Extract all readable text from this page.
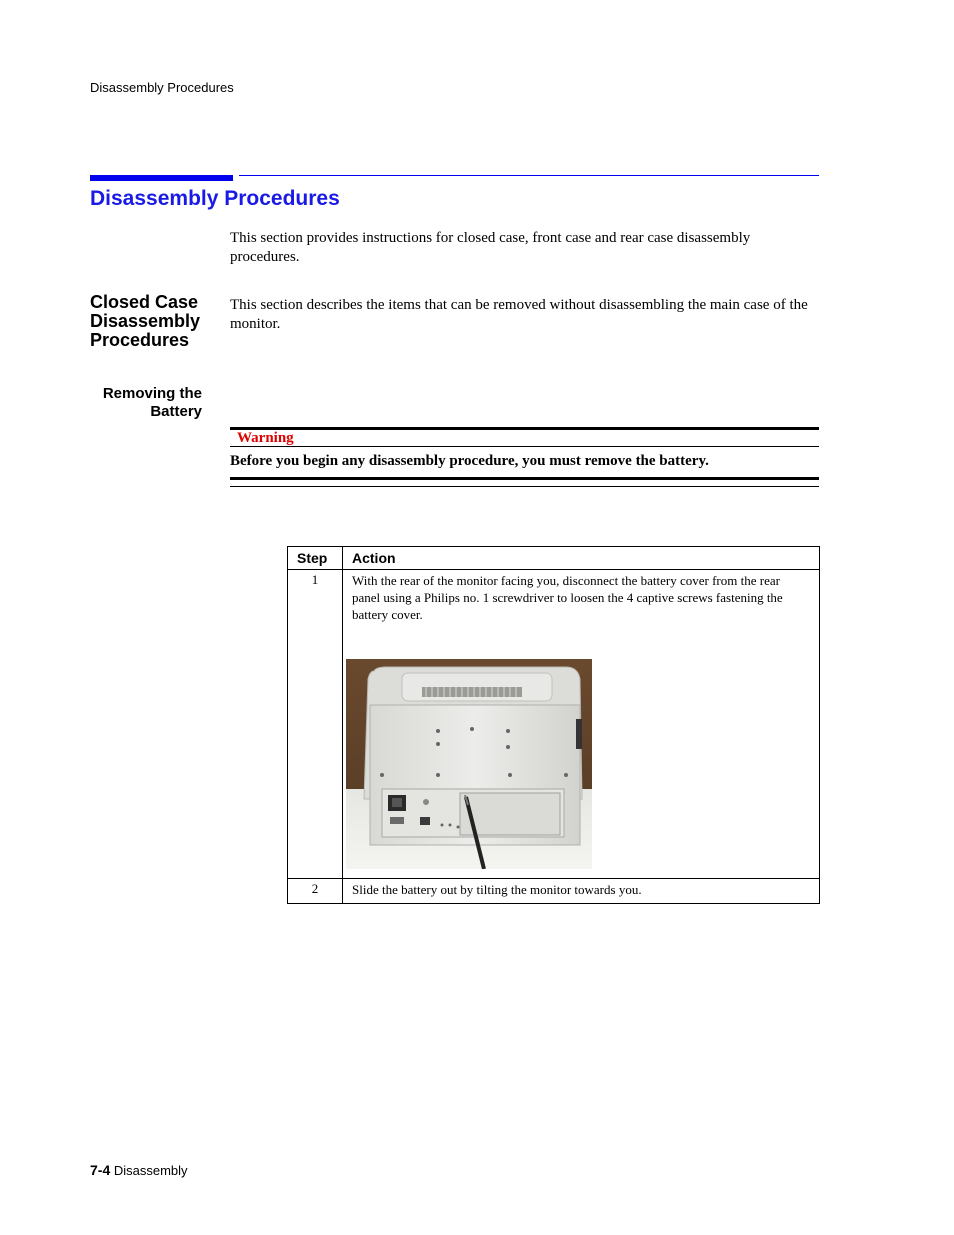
Disassembly Procedures
Disassembly Procedures
This section provides instructions for closed case, front case and rear case disassembly procedures.
Closed Case Disassembly Procedures
This section describes the items that can be removed without disassembling the main case of the monitor.
Removing the Battery
Warning
Before you begin any disassembly procedure, you must remove the battery.
Step	Action
1	With the rear of the monitor facing you, disconnect the battery cover from the rear panel using a Philips no. 1 screwdriver to loosen the 4 captive screws fastening the battery cover.
2	Slide the battery out by tilting the monitor towards you.
7-4 Disassembly
